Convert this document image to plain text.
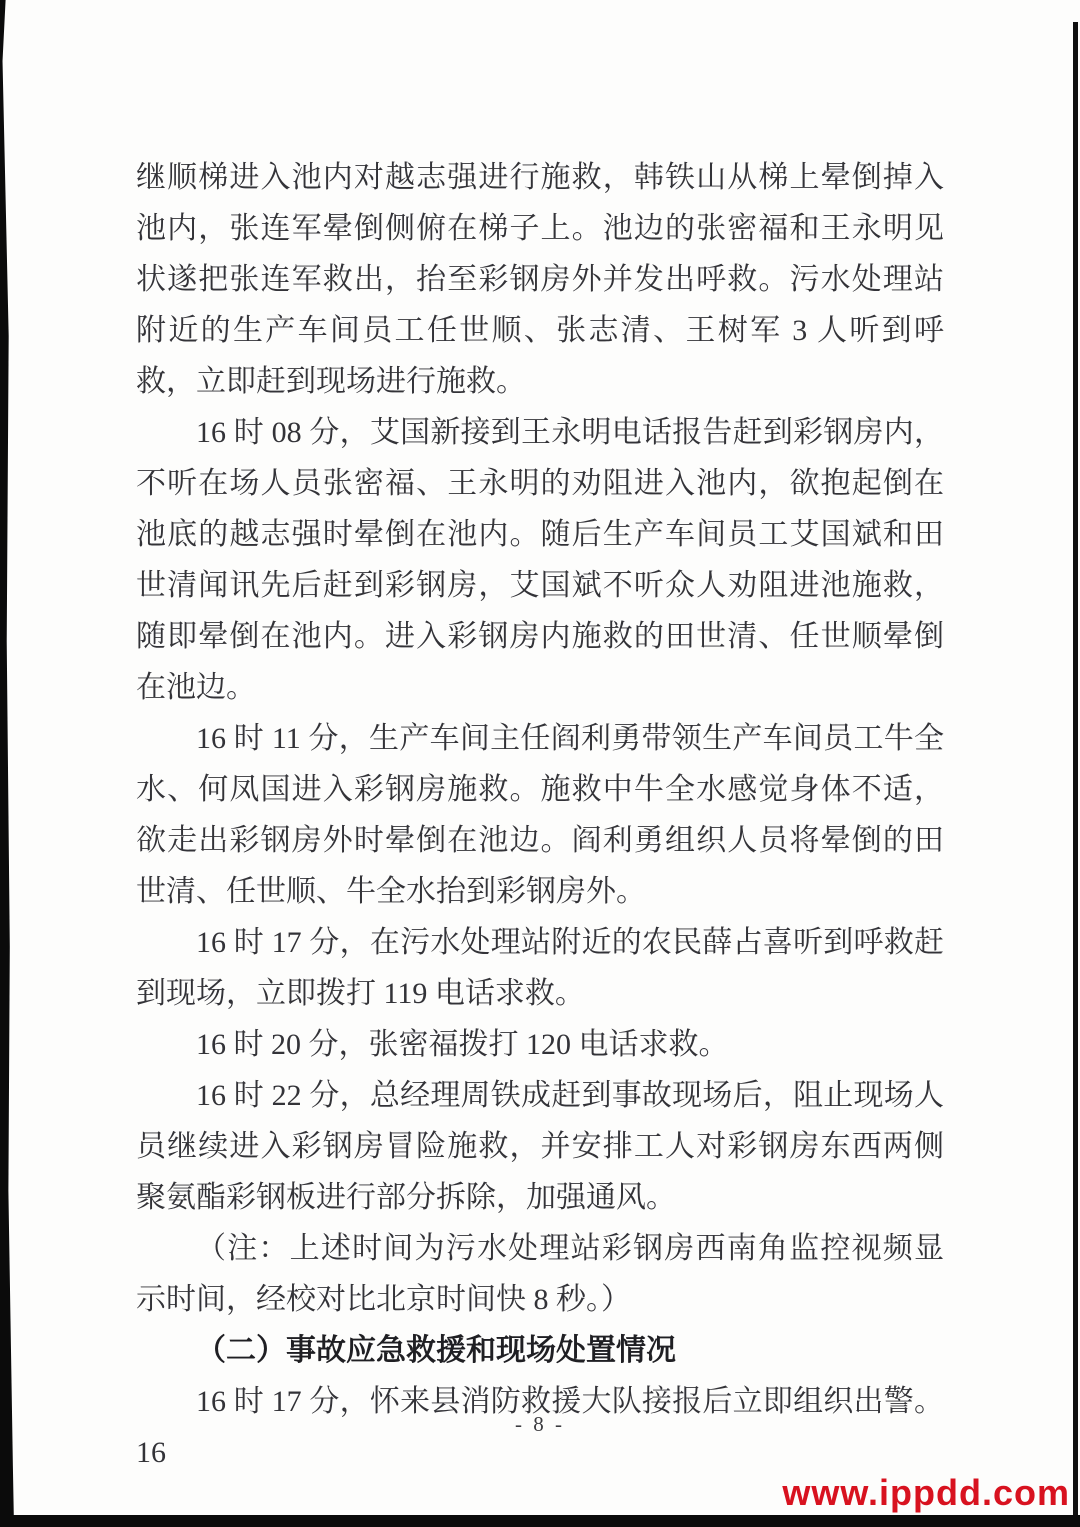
继顺梯进入池内对越志强进行施救，韩铁山从梯上晕倒掉入池内，张连军晕倒侧俯在梯子上。池边的张密福和王永明见状遂把张连军救出，抬至彩钢房外并发出呼救。污水处理站附近的生产车间员工任世顺、张志清、王树军 3 人听到呼救，立即赶到现场进行施救。

16 时 08 分，艾国新接到王永明电话报告赶到彩钢房内，不听在场人员张密福、王永明的劝阻进入池内，欲抱起倒在池底的越志强时晕倒在池内。随后生产车间员工艾国斌和田世清闻讯先后赶到彩钢房，艾国斌不听众人劝阻进池施救，随即晕倒在池内。进入彩钢房内施救的田世清、任世顺晕倒在池边。

16 时 11 分，生产车间主任阎利勇带领生产车间员工牛全水、何凤国进入彩钢房施救。施救中牛全水感觉身体不适，欲走出彩钢房外时晕倒在池边。阎利勇组织人员将晕倒的田世清、任世顺、牛全水抬到彩钢房外。

16 时 17 分，在污水处理站附近的农民薛占喜听到呼救赶到现场，立即拨打 119 电话求救。

16 时 20 分，张密福拨打 120 电话求救。

16 时 22 分，总经理周铁成赶到事故现场后，阻止现场人员继续进入彩钢房冒险施救，并安排工人对彩钢房东西两侧聚氨酯彩钢板进行部分拆除，加强通风。

（注：上述时间为污水处理站彩钢房西南角监控视频显示时间，经校对比北京时间快 8 秒。）

（二）事故应急救援和现场处置情况

16 时 17 分，怀来县消防救援大队接报后立即组织出警。16

- 8 -
www.ippdd.com
